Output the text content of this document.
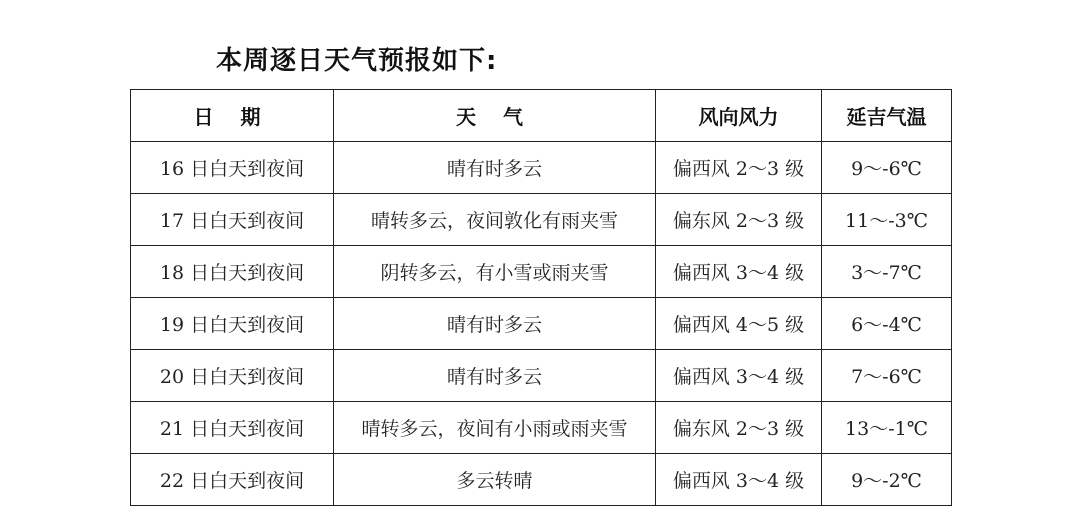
本周逐日天气预报如下:
日 期	天 气	风向风力	延吉气温
16 日白天到夜间	晴有时多云	偏西风 2～3 级	9～-6℃
17 日白天到夜间	晴转多云，夜间敦化有雨夹雪	偏东风 2～3 级	11～-3℃
18 日白天到夜间	阴转多云，有小雪或雨夹雪	偏西风 3～4 级	3～-7℃
19 日白天到夜间	晴有时多云	偏西风 4～5 级	6～-4℃
20 日白天到夜间	晴有时多云	偏西风 3～4 级	7～-6℃
21 日白天到夜间	晴转多云，夜间有小雨或雨夹雪	偏东风 2～3 级	13～-1℃
22 日白天到夜间	多云转晴	偏西风 3～4 级	9～-2℃
